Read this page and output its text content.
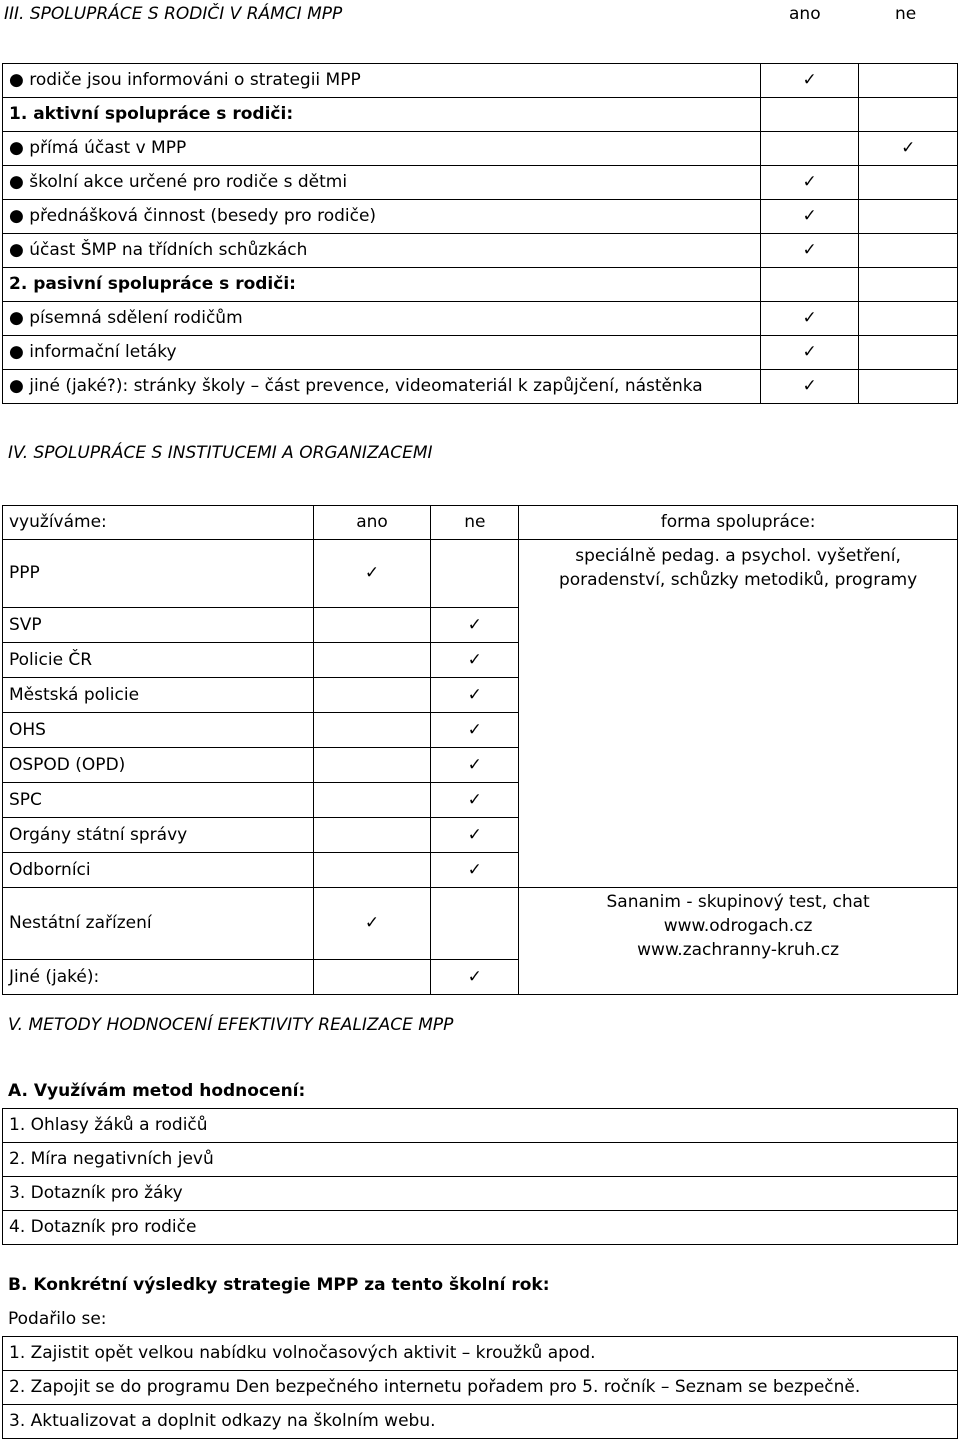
III. SPOLUPRÁCE S RODIČI V RÁMCI MPP	ano	ne
● rodiče jsou informováni o strategii MPP	✓	
1. aktivní spolupráce s rodiči:		
● přímá účast v MPP		✓
● školní akce určené pro rodiče s dětmi	✓	
● přednášková činnost (besedy pro rodiče)	✓	
● účast ŠMP na třídních schůzkách	✓	
2. pasivní spolupráce s rodiči:		
● písemná sdělení rodičům	✓	
● informační letáky	✓	
● jiné (jaké?): stránky školy – část prevence, videomateriál k zapůjčení, nástěnka	✓	
IV. SPOLUPRÁCE S INSTITUCEMI A ORGANIZACEMI
využíváme:	ano	ne	forma spolupráce:
PPP	✓		speciálně pedag. a psychol. vyšetření,
poradenství, schůzky metodiků, programy

SVP		✓	
Policie ČR		✓	
Městská policie		✓	
OHS		✓	
OSPOD (OPD)		✓	
SPC		✓	
Orgány státní správy		✓	
Odborníci		✓	
Nestátní zařízení	✓		Sananim - skupinový test, chat
www.odrogach.cz
www.zachranny-kruh.cz

Jiné (jaké):		✓	
V. METODY HODNOCENÍ EFEKTIVITY REALIZACE MPP
A. Využívám metod hodnocení:
1. Ohlasy žáků a rodičů
2. Míra negativních jevů
3. Dotazník pro žáky
4. Dotazník pro rodiče
B. Konkrétní výsledky strategie MPP za tento školní rok:
Podařilo se:
1. Zajistit opět velkou nabídku volnočasových aktivit – kroužků apod.
2. Zapojit se do programu Den bezpečného internetu pořadem pro 5. ročník – Seznam se bezpečně.
3. Aktualizovat a doplnit odkazy na školním webu.
